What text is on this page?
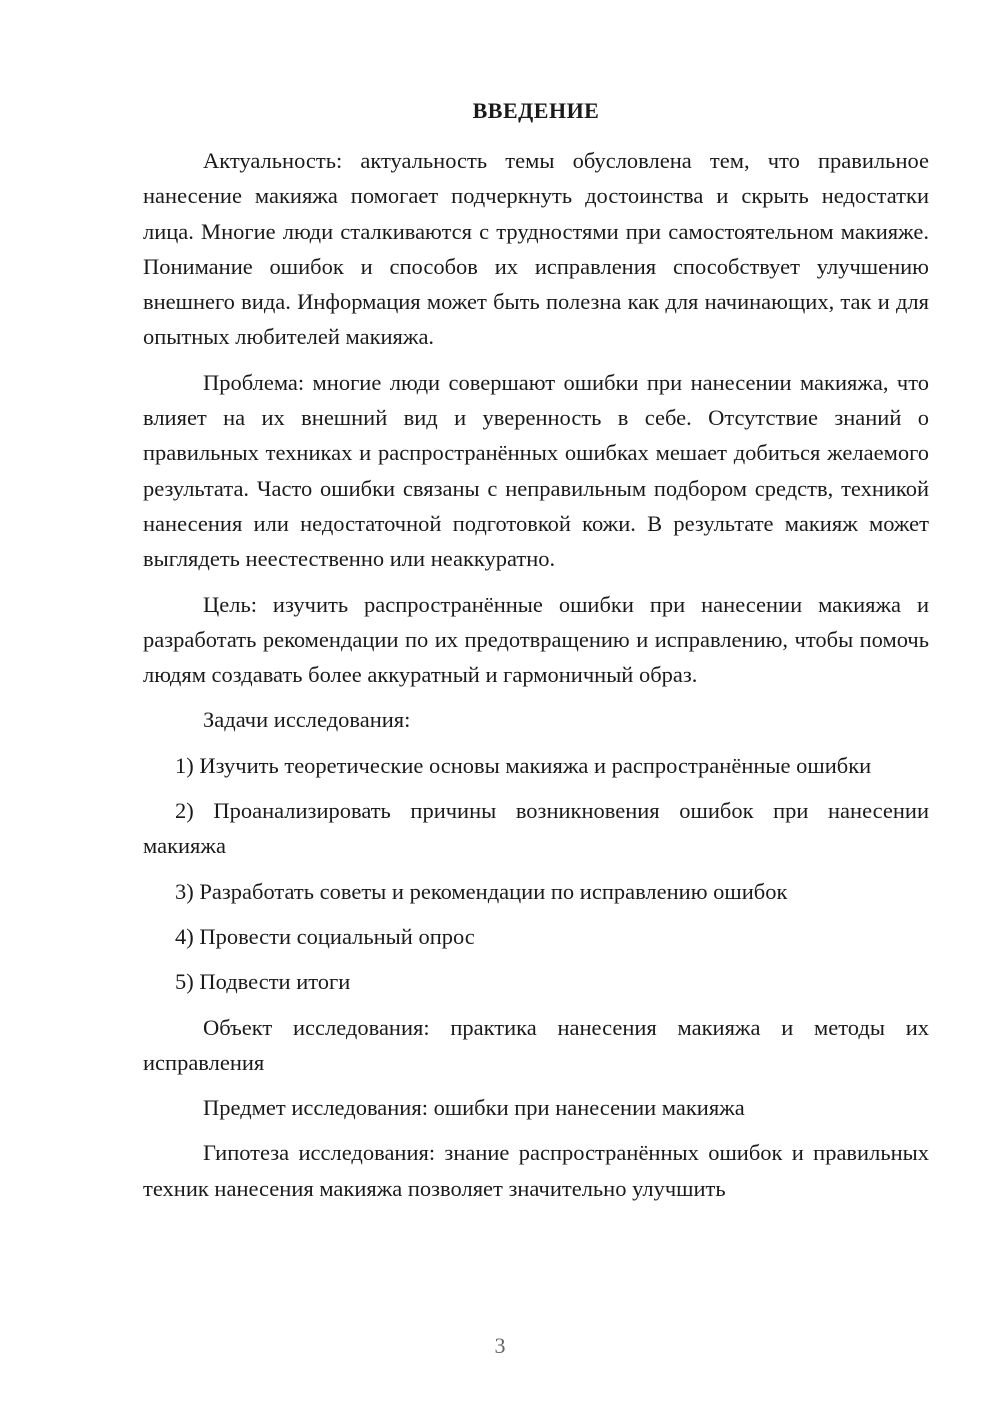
ВВЕДЕНИЕ

Актуальность: актуальность темы обусловлена тем, что правильное нанесение макияжа помогает подчеркнуть достоинства и скрыть недостатки лица. Многие люди сталкиваются с трудностями при самостоятельном макияже. Понимание ошибок и способов их исправления способствует улучшению внешнего вида. Информация может быть полезна как для начинающих, так и для опытных любителей макияжа.

Проблема: многие люди совершают ошибки при нанесении макияжа, что влияет на их внешний вид и уверенность в себе. Отсутствие знаний о правильных техниках и распространённых ошибках мешает добиться желаемого результата. Часто ошибки связаны с неправильным подбором средств, техникой нанесения или недостаточной подготовкой кожи. В результате макияж может выглядеть неестественно или неаккуратно.

Цель: изучить распространённые ошибки при нанесении макияжа и разработать рекомендации по их предотвращению и исправлению, чтобы помочь людям создавать более аккуратный и гармоничный образ.

Задачи исследования:

1) Изучить теоретические основы макияжа и распространённые ошибки

2) Проанализировать причины возникновения ошибок при нанесении макияжа

3) Разработать советы и рекомендации по исправлению ошибок

4) Провести социальный опрос

5) Подвести итоги

Объект исследования: практика нанесения макияжа и методы их исправления

Предмет исследования: ошибки при нанесении макияжа

Гипотеза исследования: знание распространённых ошибок и правильных техник нанесения макияжа позволяет значительно улучшить

3
